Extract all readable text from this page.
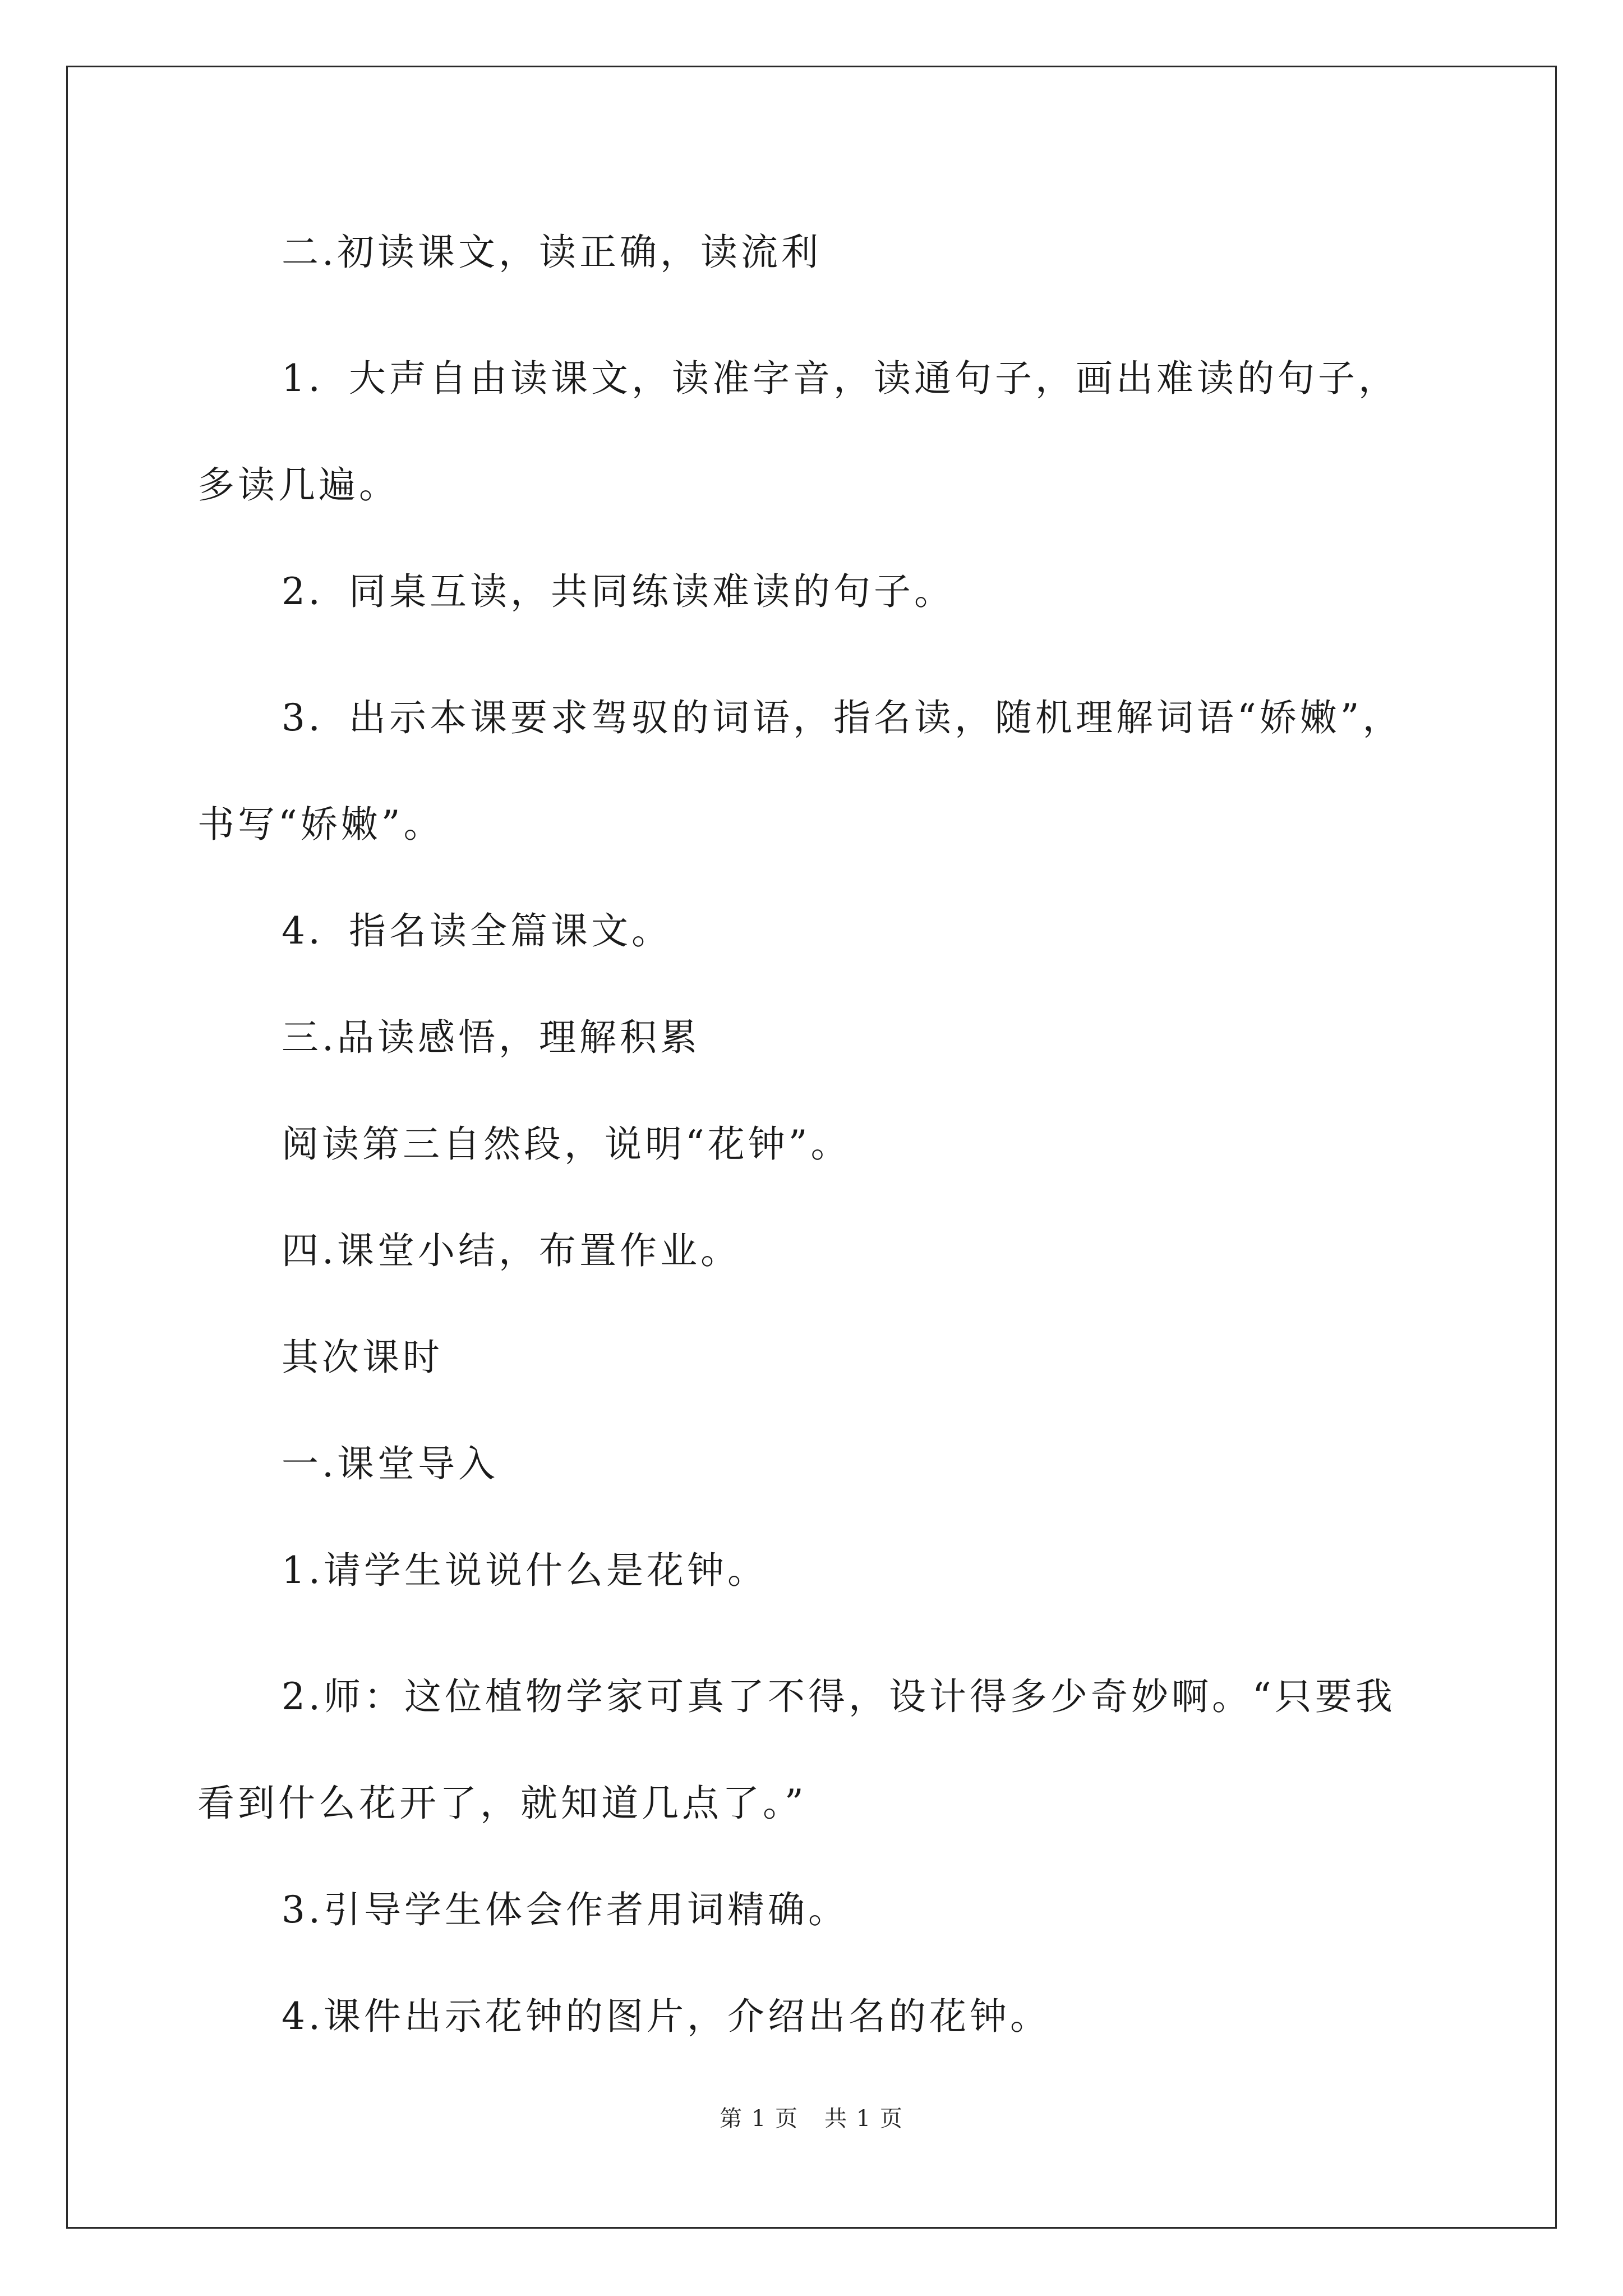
二.初读课文，读正确，读流利

1．大声自由读课文，读准字音，读通句子，画出难读的句子，多读几遍。

2．同桌互读，共同练读难读的句子。

3．出示本课要求驾驭的词语，指名读，随机理解词语“娇嫩”，书写“娇嫩”。

4．指名读全篇课文。

三.品读感悟，理解积累

阅读第三自然段，说明“花钟”。

四.课堂小结，布置作业。

其次课时

一.课堂导入

1.请学生说说什么是花钟。

2.师：这位植物学家可真了不得，设计得多少奇妙啊。“只要我看到什么花开了，就知道几点了。”

3.引导学生体会作者用词精确。

4.课件出示花钟的图片，介绍出名的花钟。

第 1 页 共 1 页
